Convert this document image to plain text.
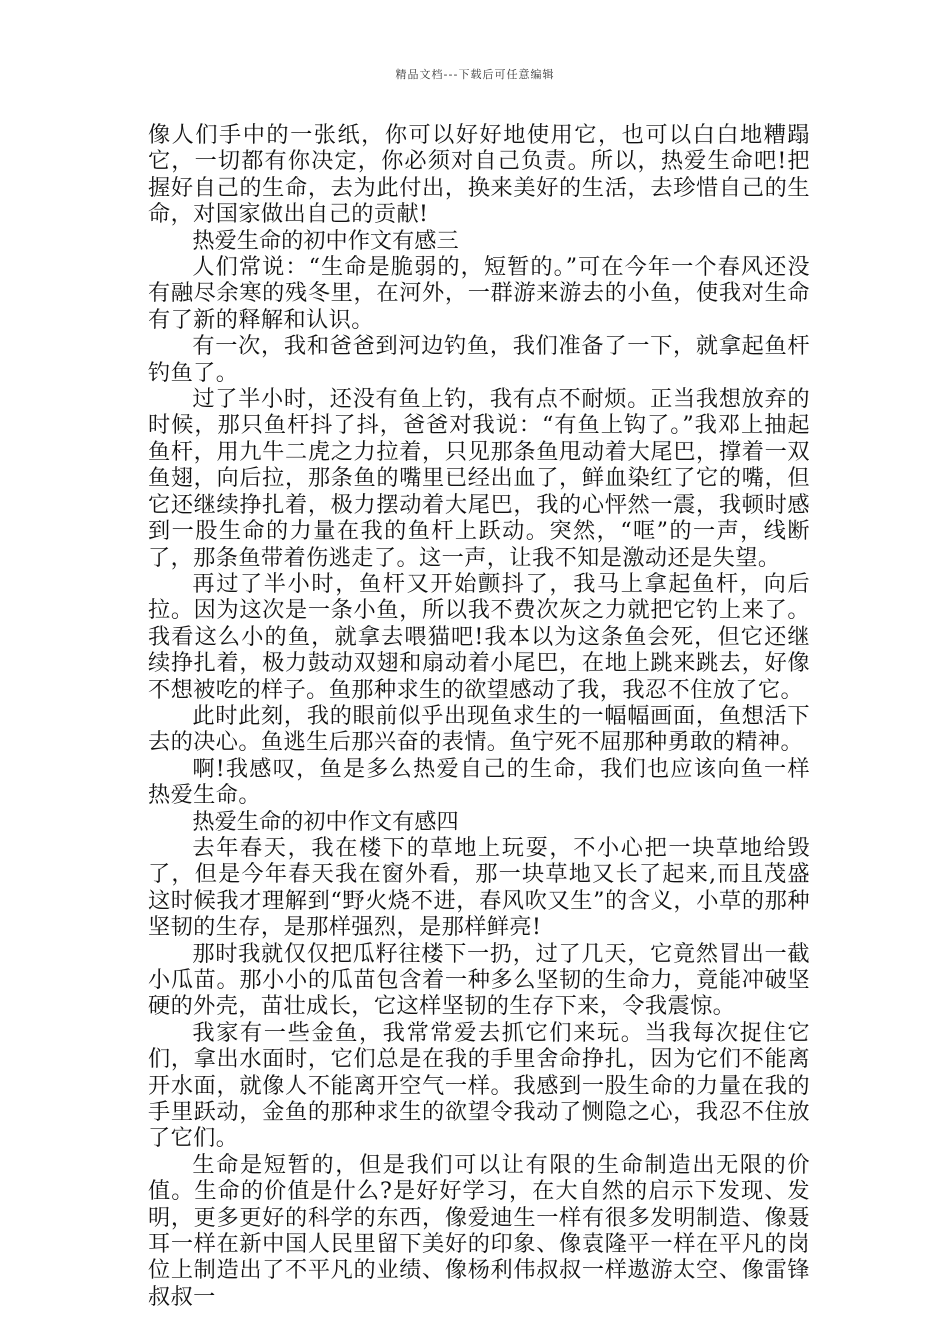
精品文档---下载后可任意编辑

像人们手中的一张纸，你可以好好地使用它，也可以白白地糟蹋它，一切都有你决定，你必须对自己负责。所以，热爱生命吧!把握好自己的生命，去为此付出，换来美好的生活，去珍惜自己的生命，对国家做出自己的贡献!

热爱生命的初中作文有感三

人们常说：“生命是脆弱的，短暂的。”可在今年一个春风还没有融尽余寒的残冬里，在河外，一群游来游去的小鱼，使我对生命有了新的释解和认识。

有一次，我和爸爸到河边钓鱼，我们准备了一下，就拿起鱼杆钓鱼了。

过了半小时，还没有鱼上钓，我有点不耐烦。正当我想放弃的时候，那只鱼杆抖了抖，爸爸对我说：“有鱼上钩了。”我邓上抽起鱼杆，用九牛二虎之力拉着，只见那条鱼甩动着大尾巴，撑着一双鱼翅，向后拉，那条鱼的嘴里已经出血了，鲜血染红了它的嘴，但它还继续挣扎着，极力摆动着大尾巴，我的心怦然一震，我顿时感到一股生命的力量在我的鱼杆上跃动。突然，“哐”的一声，线断了，那条鱼带着伤逃走了。这一声，让我不知是激动还是失望。

再过了半小时，鱼杆又开始颤抖了，我马上拿起鱼杆，向后拉。因为这次是一条小鱼，所以我不费次灰之力就把它钓上来了。我看这么小的鱼，就拿去喂猫吧!我本以为这条鱼会死，但它还继续挣扎着，极力鼓动双翅和扇动着小尾巴，在地上跳来跳去，好像不想被吃的样子。鱼那种求生的欲望感动了我，我忍不住放了它。

此时此刻，我的眼前似乎出现鱼求生的一幅幅画面，鱼想活下去的决心。鱼逃生后那兴奋的表情。鱼宁死不屈那种勇敢的精神。

啊!我感叹，鱼是多么热爱自己的生命，我们也应该向鱼一样热爱生命。

热爱生命的初中作文有感四

去年春天，我在楼下的草地上玩耍，不小心把一块草地给毁了，但是今年春天我在窗外看，那一块草地又长了起来,而且茂盛这时候我才理解到“野火烧不进，春风吹又生”的含义，小草的那种坚韧的生存，是那样强烈，是那样鲜亮!

那时我就仅仅把瓜籽往楼下一扔，过了几天，它竟然冒出一截小瓜苗。那小小的瓜苗包含着一种多么坚韧的生命力，竟能冲破坚硬的外壳，苗壮成长，它这样坚韧的生存下来，令我震惊。

我家有一些金鱼，我常常爱去抓它们来玩。当我每次捉住它们，拿出水面时，它们总是在我的手里舍命挣扎，因为它们不能离开水面，就像人不能离开空气一样。我感到一股生命的力量在我的手里跃动，金鱼的那种求生的欲望令我动了恻隐之心，我忍不住放了它们。

生命是短暂的，但是我们可以让有限的生命制造出无限的价值。生命的价值是什么?是好好学习，在大自然的启示下发现、发明，更多更好的科学的东西，像爱迪生一样有很多发明制造、像聂耳一样在新中国人民里留下美好的印象、像袁隆平一样在平凡的岗位上制造出了不平凡的业绩、像杨利伟叔叔一样遨游太空、像雷锋叔叔一
